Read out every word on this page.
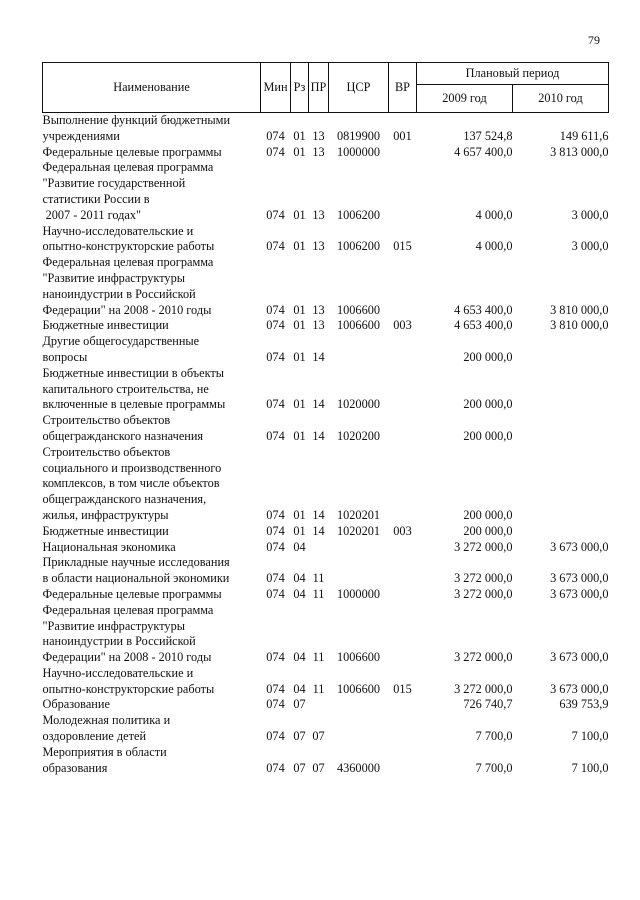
79
Наименование	Мин	Рз	ПР	ЦСР	ВР	Плановый период	
						2009 год	2010 год

Выполнение функций бюджетными
учреждениями	074	01	13	0819900	001	137 524,8	149 611,6

Федеральные целевые программы	074	01	13	1000000		4 657 400,0	3 813 000,0

Федеральная целевая программа
"Развитие государственной
статистики России в
2007 - 2011 годах"	074	01	13	1006200		4 000,0	3 000,0

Научно-исследовательские и
опытно-конструкторские работы	074	01	13	1006200	015	4 000,0	3 000,0

Федеральная целевая программа
"Развитие инфраструктуры
наноиндустрии в Российской
Федерации" на 2008 - 2010 годы	074	01	13	1006600		4 653 400,0	3 810 000,0

Бюджетные инвестиции	074	01	13	1006600	003	4 653 400,0	3 810 000,0

Другие общегосударственные
вопросы	074	01	14			200 000,0	

Бюджетные инвестиции в объекты
капитального строительства, не
включенные в целевые программы	074	01	14	1020000		200 000,0	

Строительство объектов
общегражданского назначения	074	01	14	1020200		200 000,0	

Строительство объектов
социального и производственного
комплексов, в том числе объектов
общегражданского назначения,
жилья, инфраструктуры	074	01	14	1020201		200 000,0	

Бюджетные инвестиции	074	01	14	1020201	003	200 000,0	

Национальная экономика	074	04				3 272 000,0	3 673 000,0

Прикладные научные исследования
в области национальной экономики	074	04	11			3 272 000,0	3 673 000,0

Федеральные целевые программы	074	04	11	1000000		3 272 000,0	3 673 000,0

Федеральная целевая программа
"Развитие инфраструктуры
наноиндустрии в Российской
Федерации" на 2008 - 2010 годы	074	04	11	1006600		3 272 000,0	3 673 000,0

Научно-исследовательские и
опытно-конструкторские работы	074	04	11	1006600	015	3 272 000,0	3 673 000,0

Образование	074	07				726 740,7	639 753,9

Молодежная политика и
оздоровление детей	074	07	07			7 700,0	7 100,0

Мероприятия в области
образования	074	07	07	4360000		7 700,0	7 100,0
